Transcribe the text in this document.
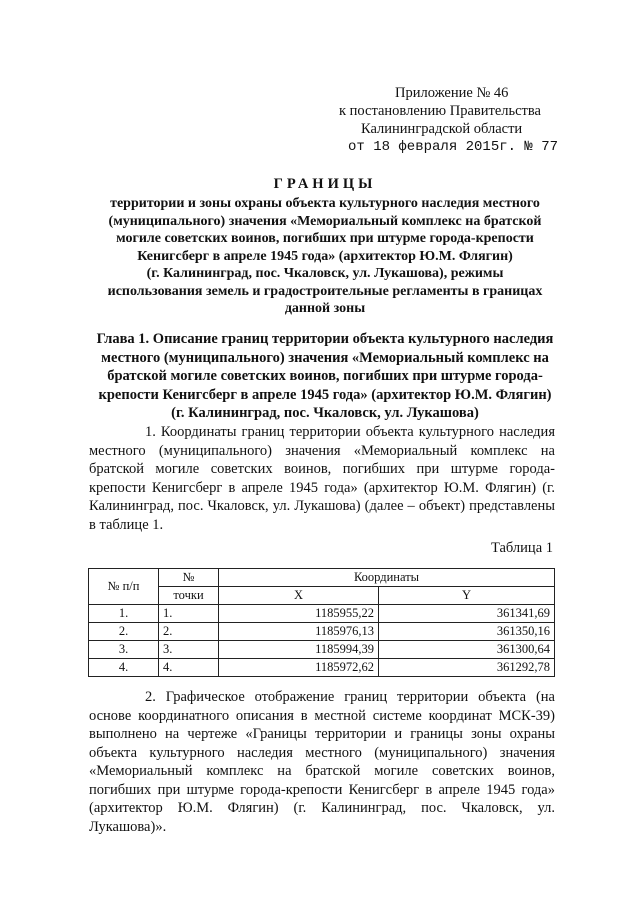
Приложение № 46
к постановлению Правительства
Калининградской области
от 18 февраля 2015г. № 77
ГРАНИЦЫ
территории и зоны охраны объекта культурного наследия местного
(муниципального) значения «Мемориальный комплекс на братской
могиле советских воинов, погибших при штурме города-крепости
Кенигсберг в апреле 1945 года» (архитектор Ю.М. Флягин)
(г. Калининград, пос. Чкаловск, ул. Лукашова), режимы
использования земель и градостроительные регламенты в границах
данной зоны
Глава 1. Описание границ территории объекта культурного наследия
местного (муниципального) значения «Мемориальный комплекс на
братской могиле советских воинов, погибших при штурме города-
крепости Кенигсберг в апреле 1945 года» (архитектор Ю.М. Флягин)
(г. Калининград, пос. Чкаловск, ул. Лукашова)
1. Координаты границ территории объекта культурного наследия местного (муниципального) значения «Мемориальный комплекс на братской могиле советских воинов, погибших при штурме города-крепости Кенигсберг в апреле 1945 года» (архитектор Ю.М. Флягин) (г. Калининград, пос. Чкаловск, ул. Лукашова) (далее – объект) представлены в таблице 1.
Таблица 1
№ п/п	№	Координаты	
	точки	X	Y
1.	1.	1185955,22	361341,69
2.	2.	1185976,13	361350,16
3.	3.	1185994,39	361300,64
4.	4.	1185972,62	361292,78
2. Графическое отображение границ территории объекта (на основе координатного описания в местной системе координат МСК-39) выполнено на чертеже «Границы территории и границы зоны охраны объекта культурного наследия местного (муниципального) значения «Мемориальный комплекс на братской могиле советских воинов, погибших при штурме города-крепости Кенигсберг в апреле 1945 года» (архитектор Ю.М. Флягин) (г. Калининград, пос. Чкаловск, ул. Лукашова)».
